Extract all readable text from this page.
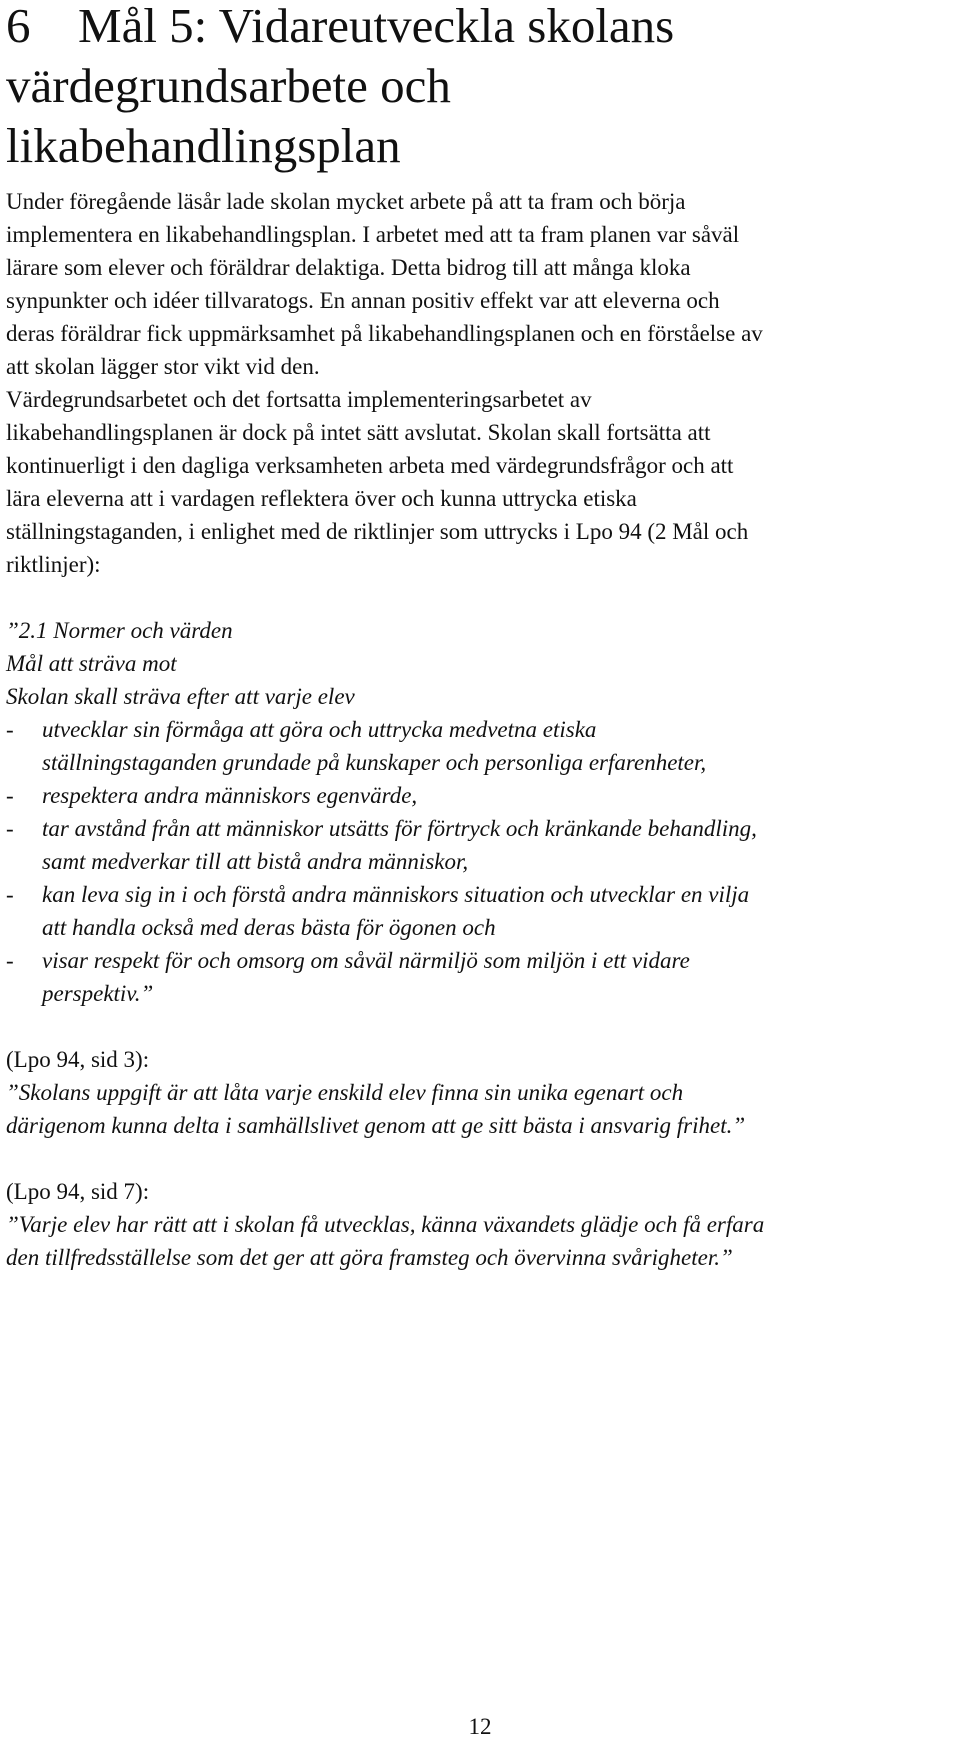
6 Mål 5: Vidareutveckla skolans
värdegrundsarbete och
likabehandlingsplan

Under föregående läsår lade skolan mycket arbete på att ta fram och börja
implementera en likabehandlingsplan. I arbetet med att ta fram planen var såväl
lärare som elever och föräldrar delaktiga. Detta bidrog till att många kloka
synpunkter och idéer tillvaratogs. En annan positiv effekt var att eleverna och
deras föräldrar fick uppmärksamhet på likabehandlingsplanen och en förståelse av
att skolan lägger stor vikt vid den.

Värdegrundsarbetet och det fortsatta implementeringsarbetet av
likabehandlingsplanen är dock på intet sätt avslutat. Skolan skall fortsätta att
kontinuerligt i den dagliga verksamheten arbeta med värdegrundsfrågor och att
lära eleverna att i vardagen reflektera över och kunna uttrycka etiska
ställningstaganden, i enlighet med de riktlinjer som uttrycks i Lpo 94 (2 Mål och
riktlinjer):

”2.1 Normer och värden

Mål att sträva mot

Skolan skall sträva efter att varje elev

-	utvecklar sin förmåga att göra och uttrycka medvetna etiska
ställningstaganden grundade på kunskaper och personliga erfarenheter,
-	respektera andra människors egenvärde,
-	tar avstånd från att människor utsätts för förtryck och kränkande behandling,
samt medverkar till att bistå andra människor,
-	kan leva sig in i och förstå andra människors situation och utvecklar en vilja
att handla också med deras bästa för ögonen och
-	visar respekt för och omsorg om såväl närmiljö som miljön i ett vidare
perspektiv.”

(Lpo 94, sid 3):

”Skolans uppgift är att låta varje enskild elev finna sin unika egenart och
därigenom kunna delta i samhällslivet genom att ge sitt bästa i ansvarig frihet.”

(Lpo 94, sid 7):

”Varje elev har rätt att i skolan få utvecklas, känna växandets glädje och få erfara
den tillfredsställelse som det ger att göra framsteg och övervinna svårigheter.”

12
